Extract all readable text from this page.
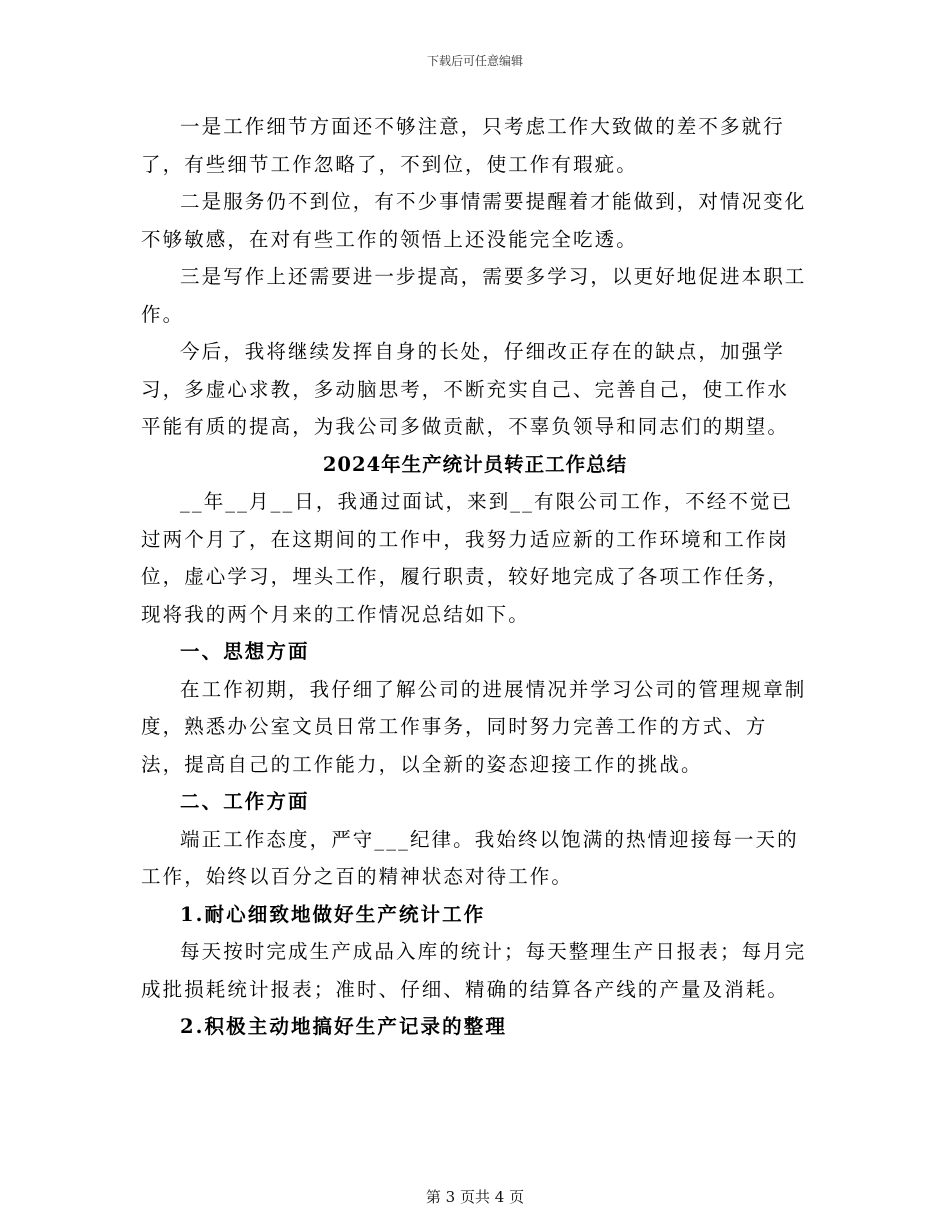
下载后可任意编辑

一是工作细节方面还不够注意，只考虑工作大致做的差不多就行了，有些细节工作忽略了，不到位，使工作有瑕疵。

二是服务仍不到位，有不少事情需要提醒着才能做到，对情况变化不够敏感，在对有些工作的领悟上还没能完全吃透。

三是写作上还需要进一步提高，需要多学习，以更好地促进本职工作。

今后，我将继续发挥自身的长处，仔细改正存在的缺点，加强学习，多虚心求教，多动脑思考，不断充实自己、完善自己，使工作水平能有质的提高，为我公司多做贡献，不辜负领导和同志们的期望。

2024年生产统计员转正工作总结

__年__月__日，我通过面试，来到__有限公司工作，不经不觉已过两个月了，在这期间的工作中，我努力适应新的工作环境和工作岗位，虚心学习，埋头工作，履行职责，较好地完成了各项工作任务，现将我的两个月来的工作情况总结如下。

一、思想方面

在工作初期，我仔细了解公司的进展情况并学习公司的管理规章制度，熟悉办公室文员日常工作事务，同时努力完善工作的方式、方法，提高自己的工作能力，以全新的姿态迎接工作的挑战。

二、工作方面

端正工作态度，严守___纪律。我始终以饱满的热情迎接每一天的工作，始终以百分之百的精神状态对待工作。

1.耐心细致地做好生产统计工作

每天按时完成生产成品入库的统计；每天整理生产日报表；每月完成批损耗统计报表；准时、仔细、精确的结算各产线的产量及消耗。

2.积极主动地搞好生产记录的整理

第 3 页共 4 页
